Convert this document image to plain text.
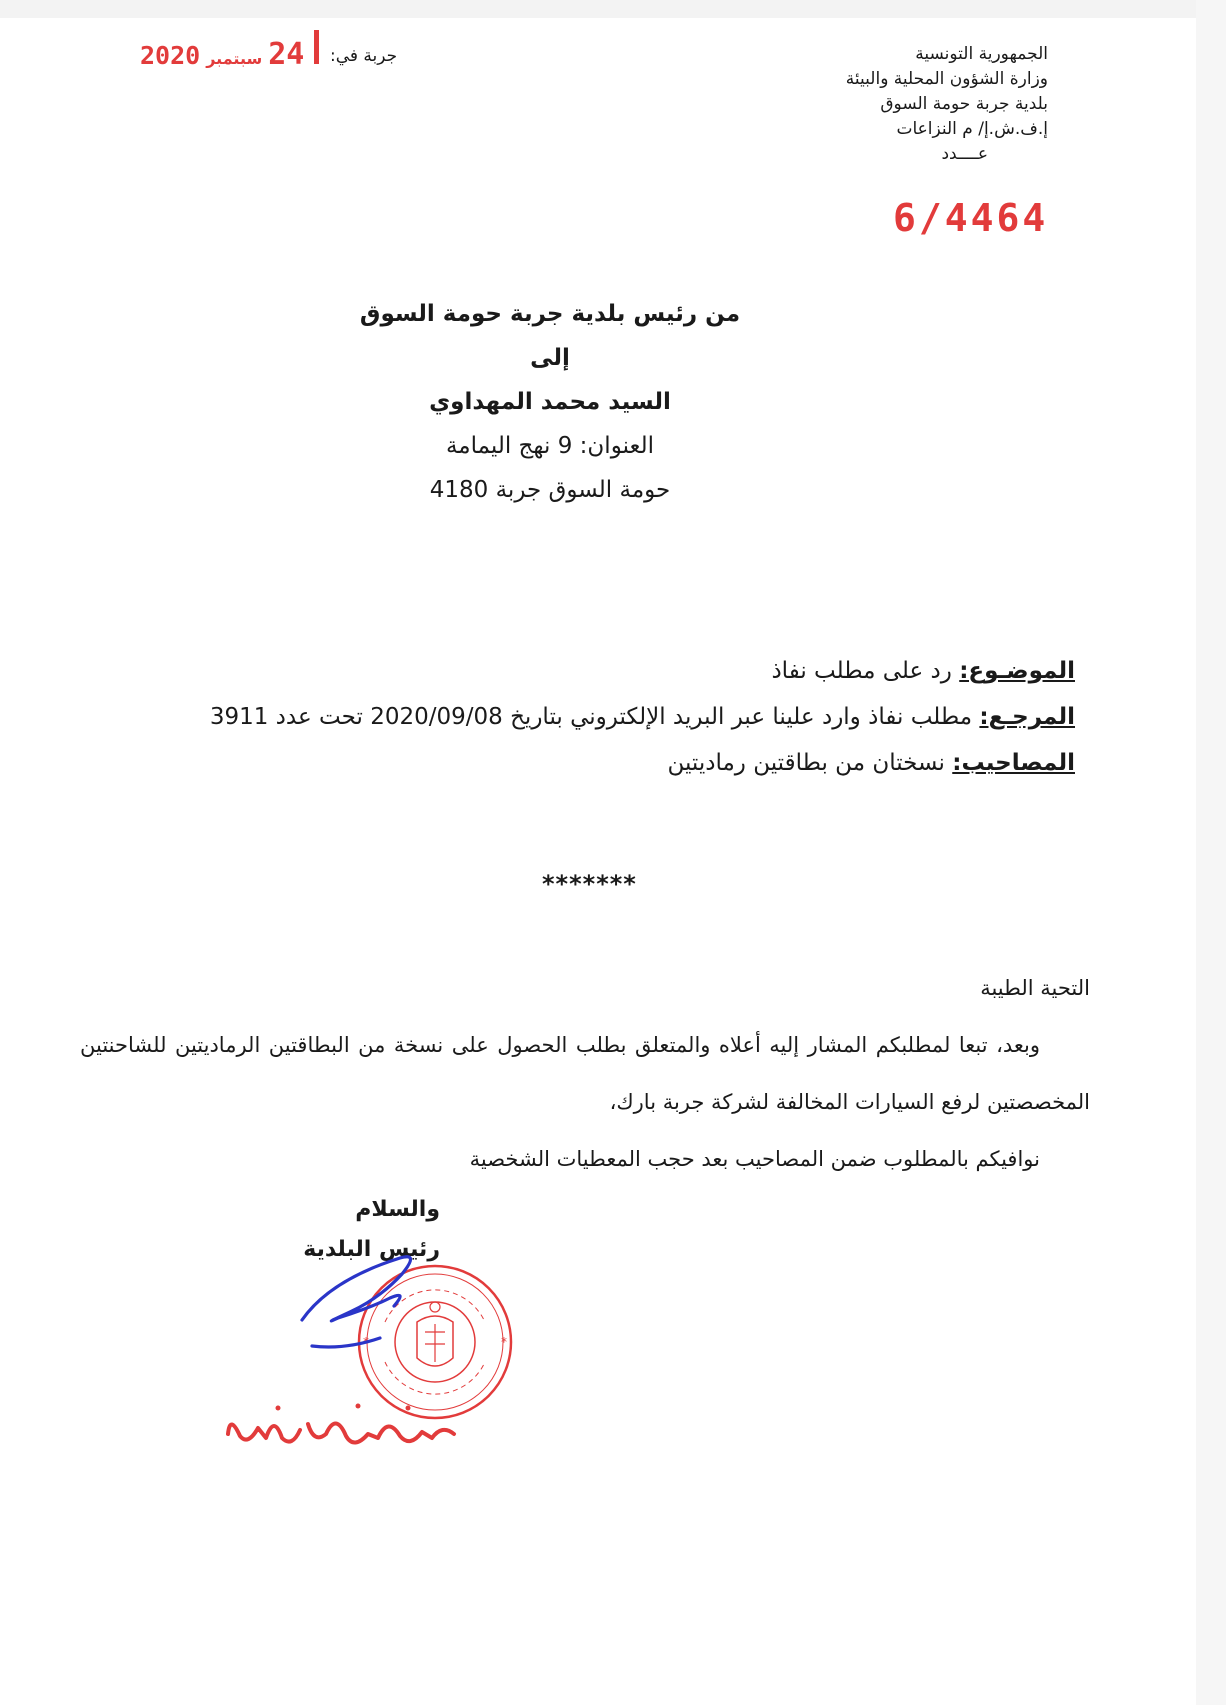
الجمهورية التونسية
وزارة الشؤون المحلية والبيئة
بلدية جربة حومة السوق
إ.ف.ش.إ/ م النزاعات
عــــدد
جربة في:
2020 سبتمبر 24
6/4464
من رئيس بلدية جربة حومة السوق
إلى
السيد محمد المهداوي
العنوان: 9 نهج اليمامة
حومة السوق جربة 4180
الموضـوع: رد على مطلب نفاذ
المرجـع: مطلب نفاذ وارد علينا عبر البريد الإلكتروني بتاريخ 2020/09/08 تحت عدد 3911
المصاحيب: نسختان من بطاقتين رماديتين
*******
التحية الطيبة
وبعد، تبعا لمطلبكم المشار إليه أعلاه والمتعلق بطلب الحصول على نسخة من البطاقتين الرماديتين للشاحنتين المخصصتين لرفع السيارات المخالفة لشركة جربة بارك،
نوافيكم بالمطلوب ضمن المصاحيب بعد حجب المعطيات الشخصية
والسلام
رئيس البلدية
*
*
